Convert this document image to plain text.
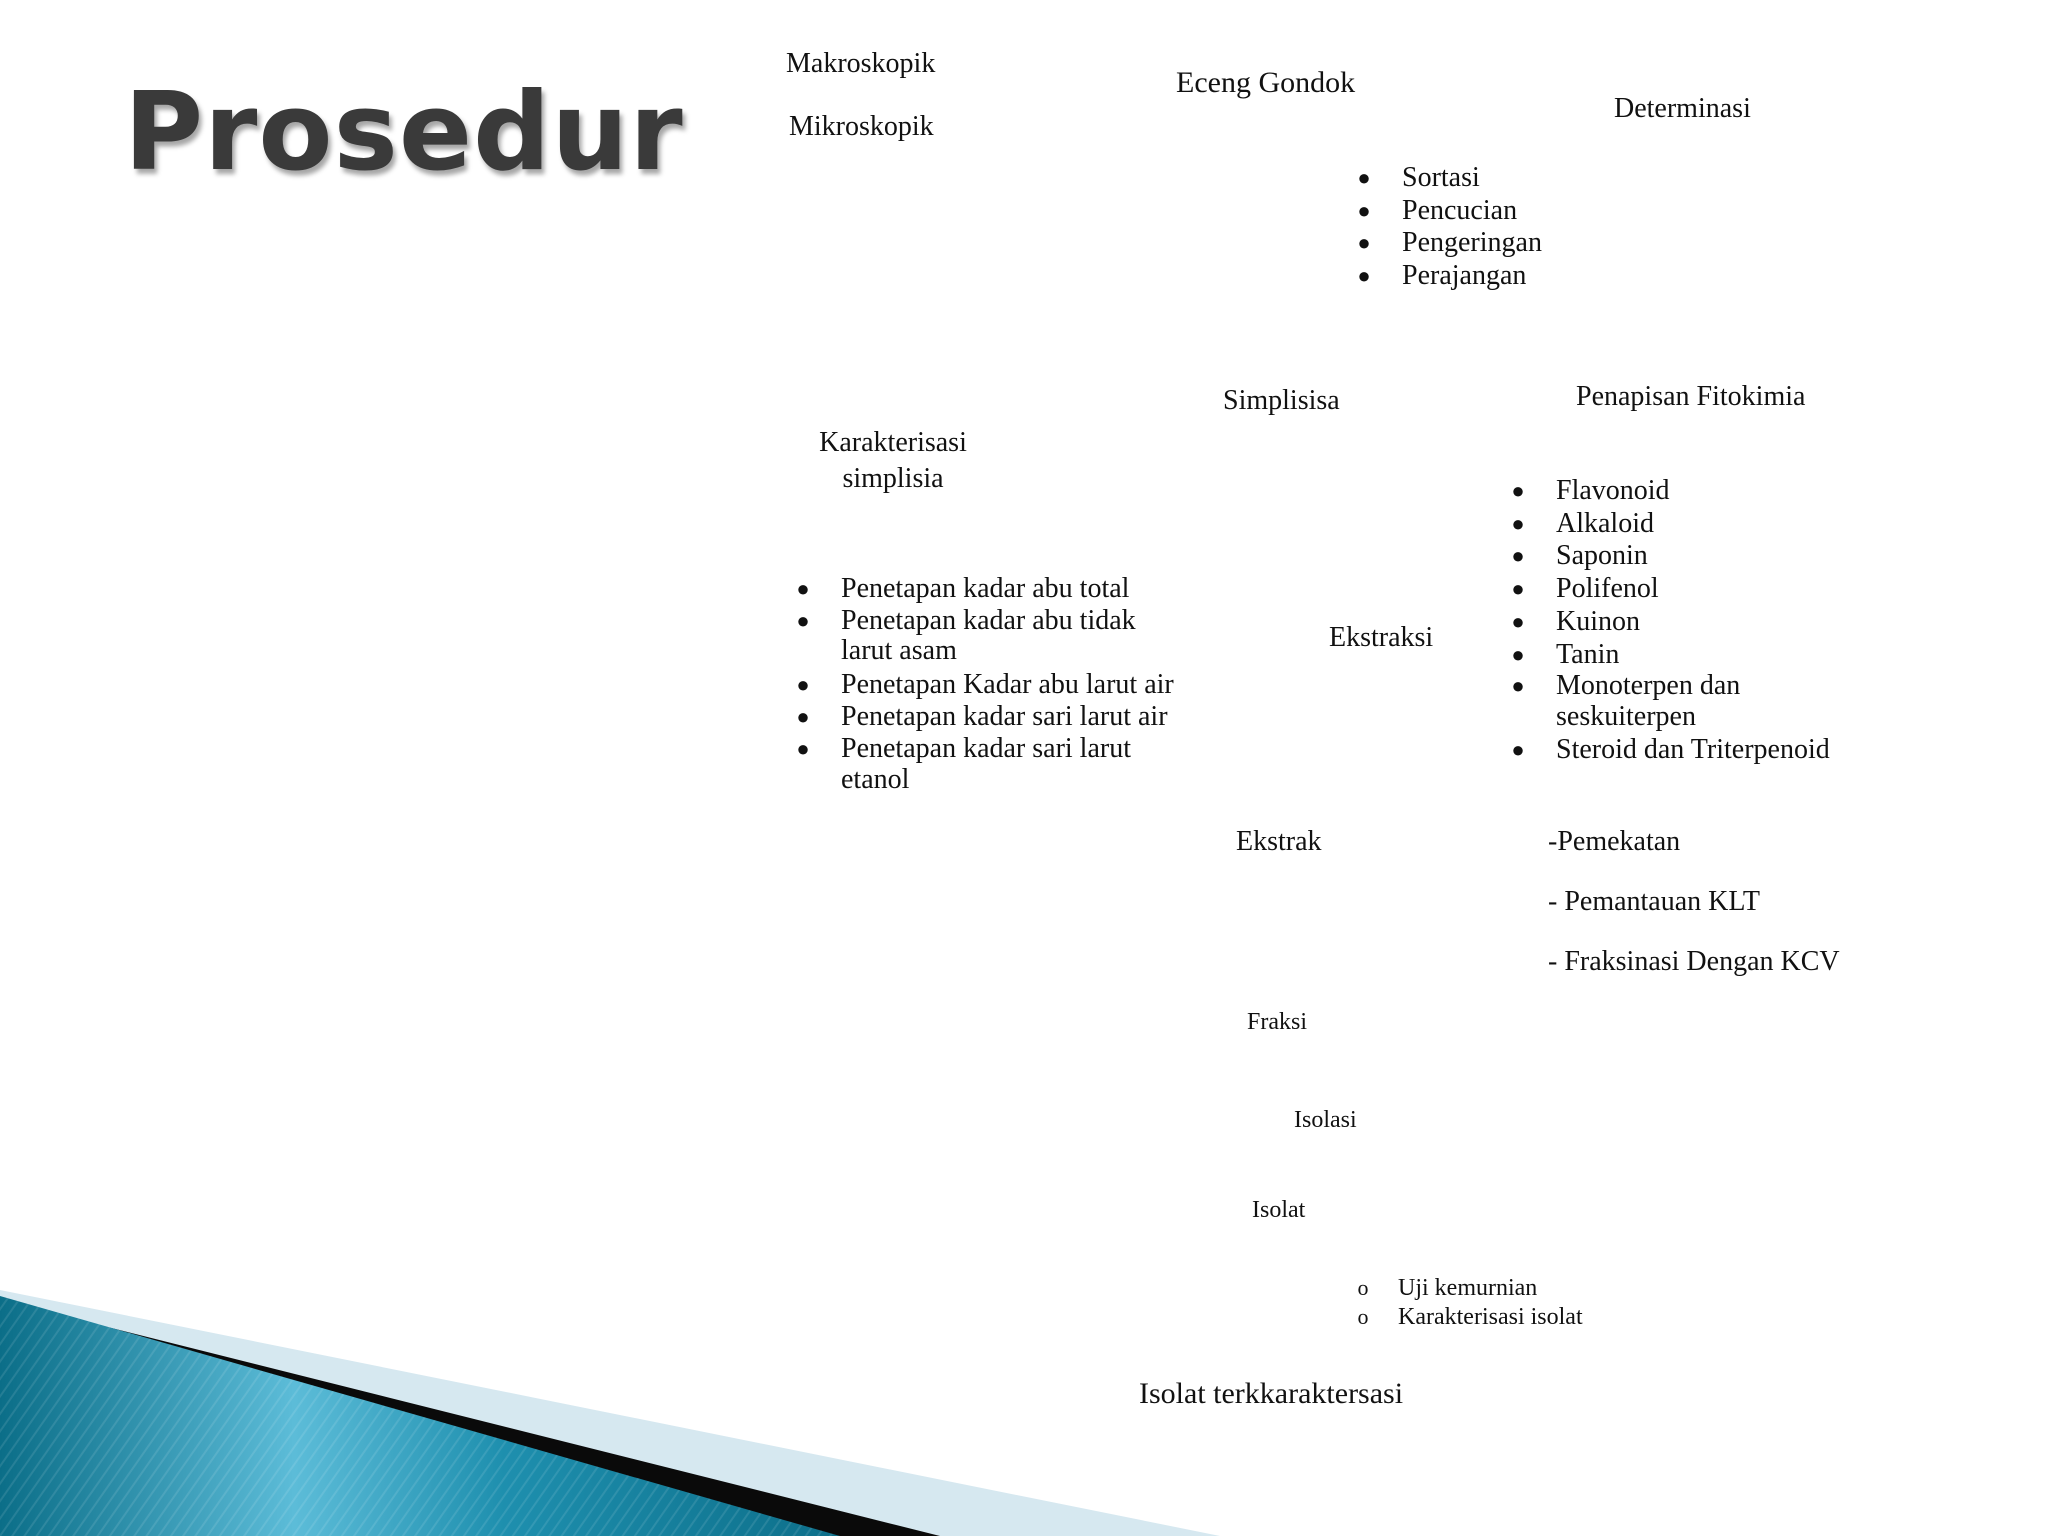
Prosedur
Makroskopik
Mikroskopik
Eceng Gondok
Determinasi
● Sortasi
● Pencucian
● Pengeringan
● Perajangan
Simplisisa	Penapisan Fitokimia
Karakterisasi
simplisia
● Penetapan kadar abu total
● Penetapan kadar abu tidak larut asam
● Penetapan Kadar abu larut air
● Penetapan kadar sari larut air
● Penetapan kadar sari larut etanol
● Flavonoid
● Alkaloid
● Saponin
● Polifenol
● Kuinon
● Tanin
● Monoterpen dan seskuiterpen
● Steroid dan Triterpenoid
Ekstraksi
Ekstrak	-Pemekatan
- Pemantauan KLT
- Fraksinasi Dengan KCV
Fraksi
Isolasi
Isolat
o Uji kemurnian
o Karakterisasi isolat
Isolat terkkaraktersasi
